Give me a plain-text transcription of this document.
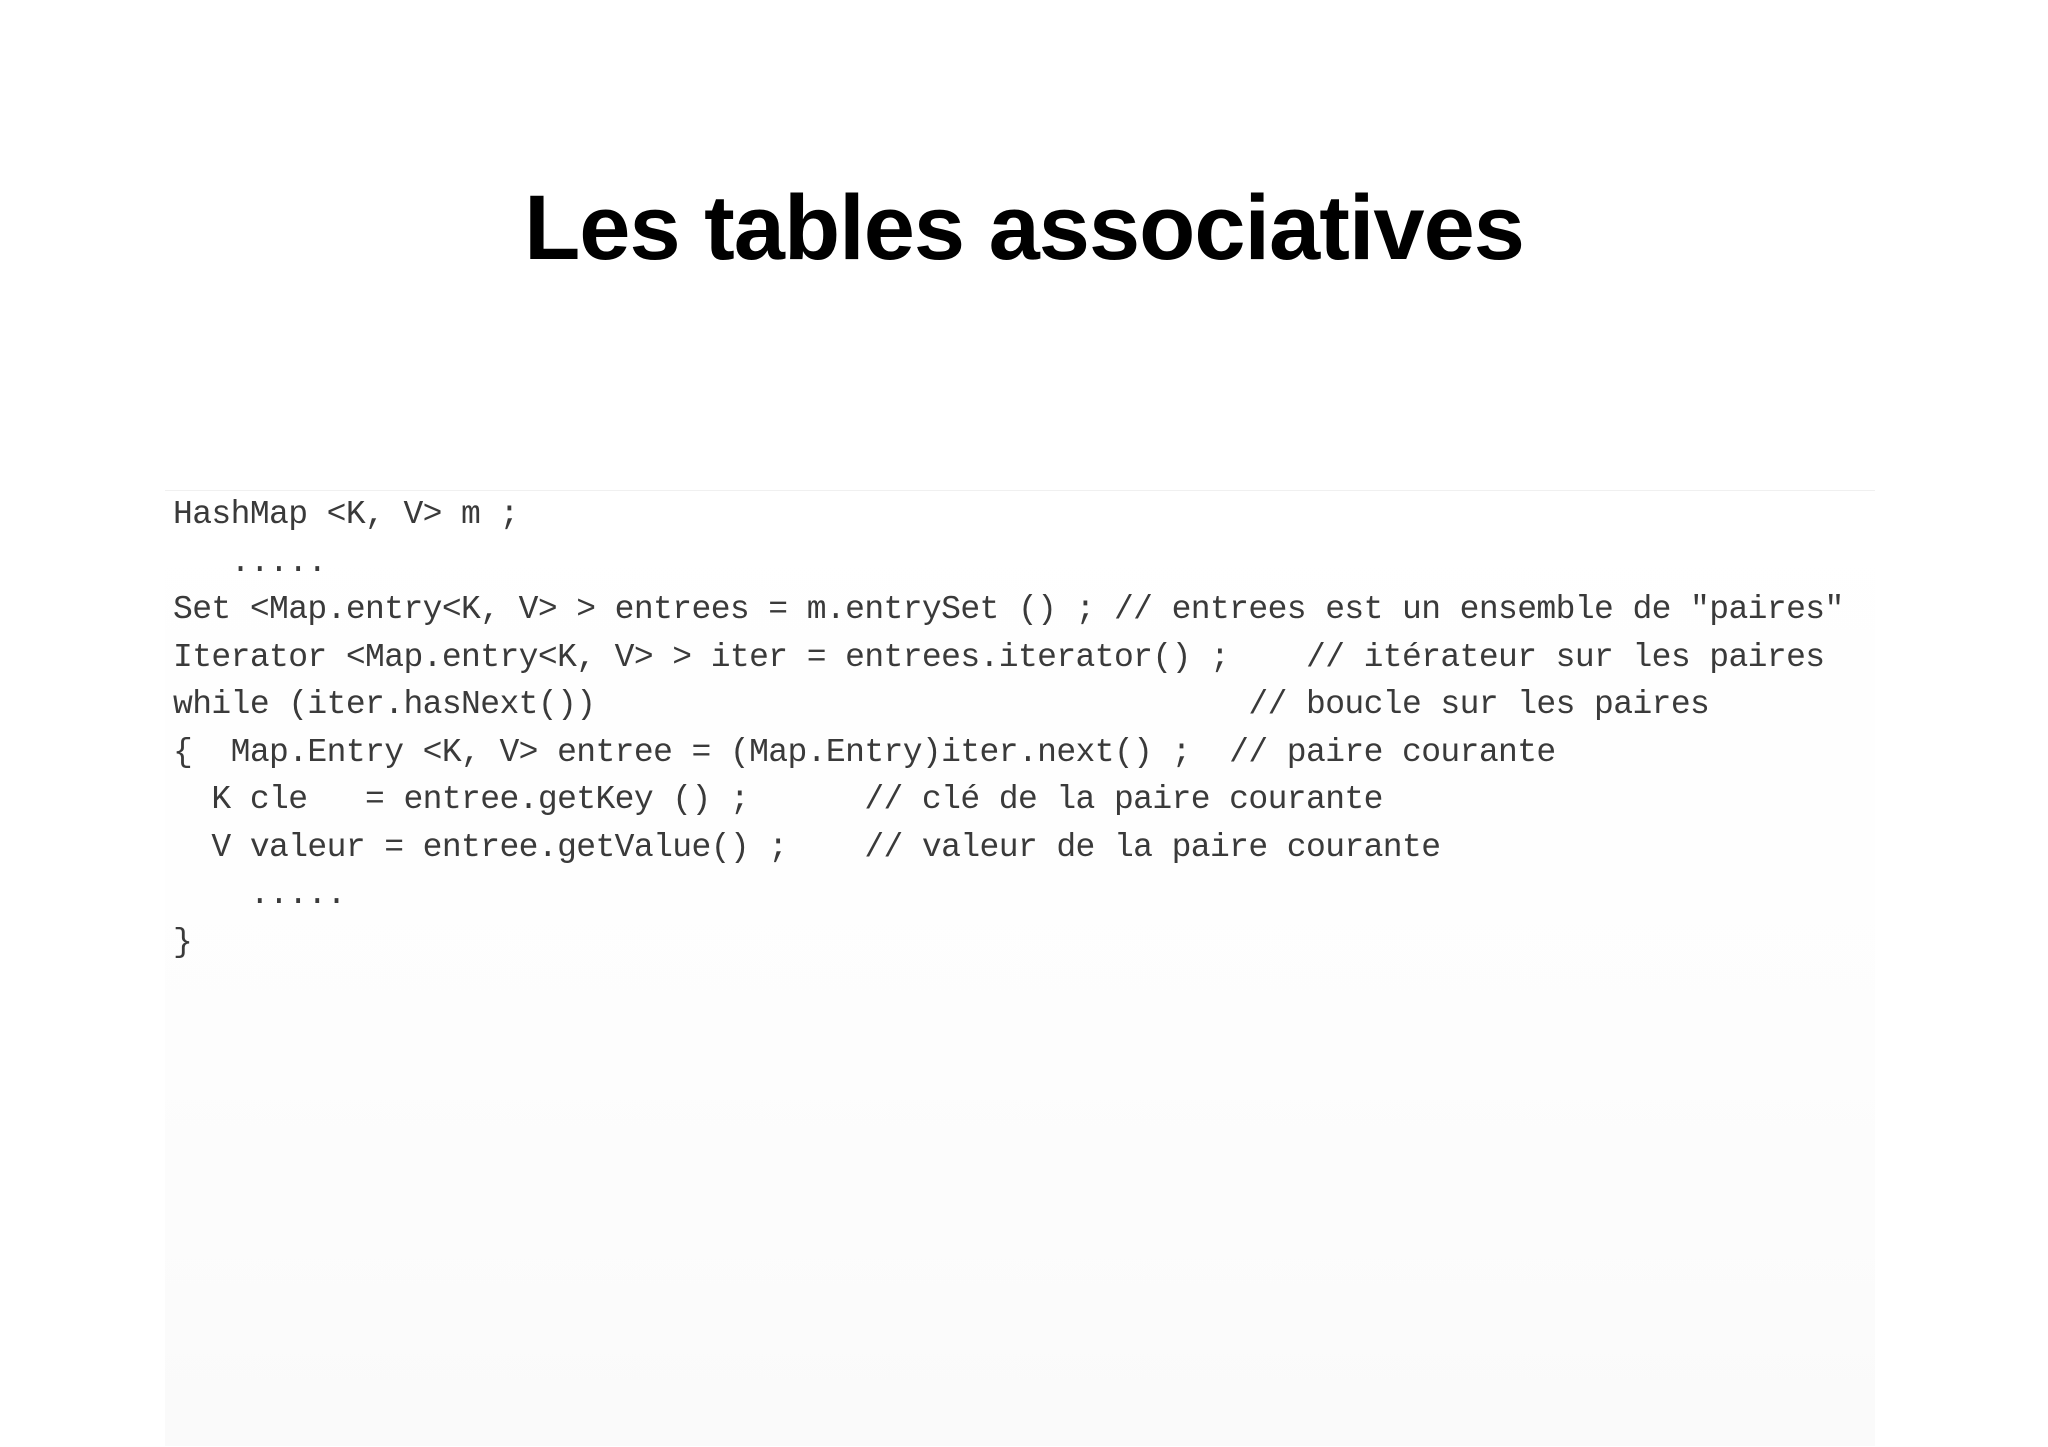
Les tables associatives
HashMap <K, V> m ;
.....
Set <Map.entry<K, V> > entrees = m.entrySet () ; // entrees est un ensemble de "paires"
Iterator <Map.entry<K, V> > iter = entrees.iterator() ;    // itérateur sur les paires
while (iter.hasNext())                                  // boucle sur les paires
{  Map.Entry <K, V> entree = (Map.Entry)iter.next() ;  // paire courante
K cle   = entree.getKey () ;      // clé de la paire courante
V valeur = entree.getValue() ;    // valeur de la paire courante
.....
}
